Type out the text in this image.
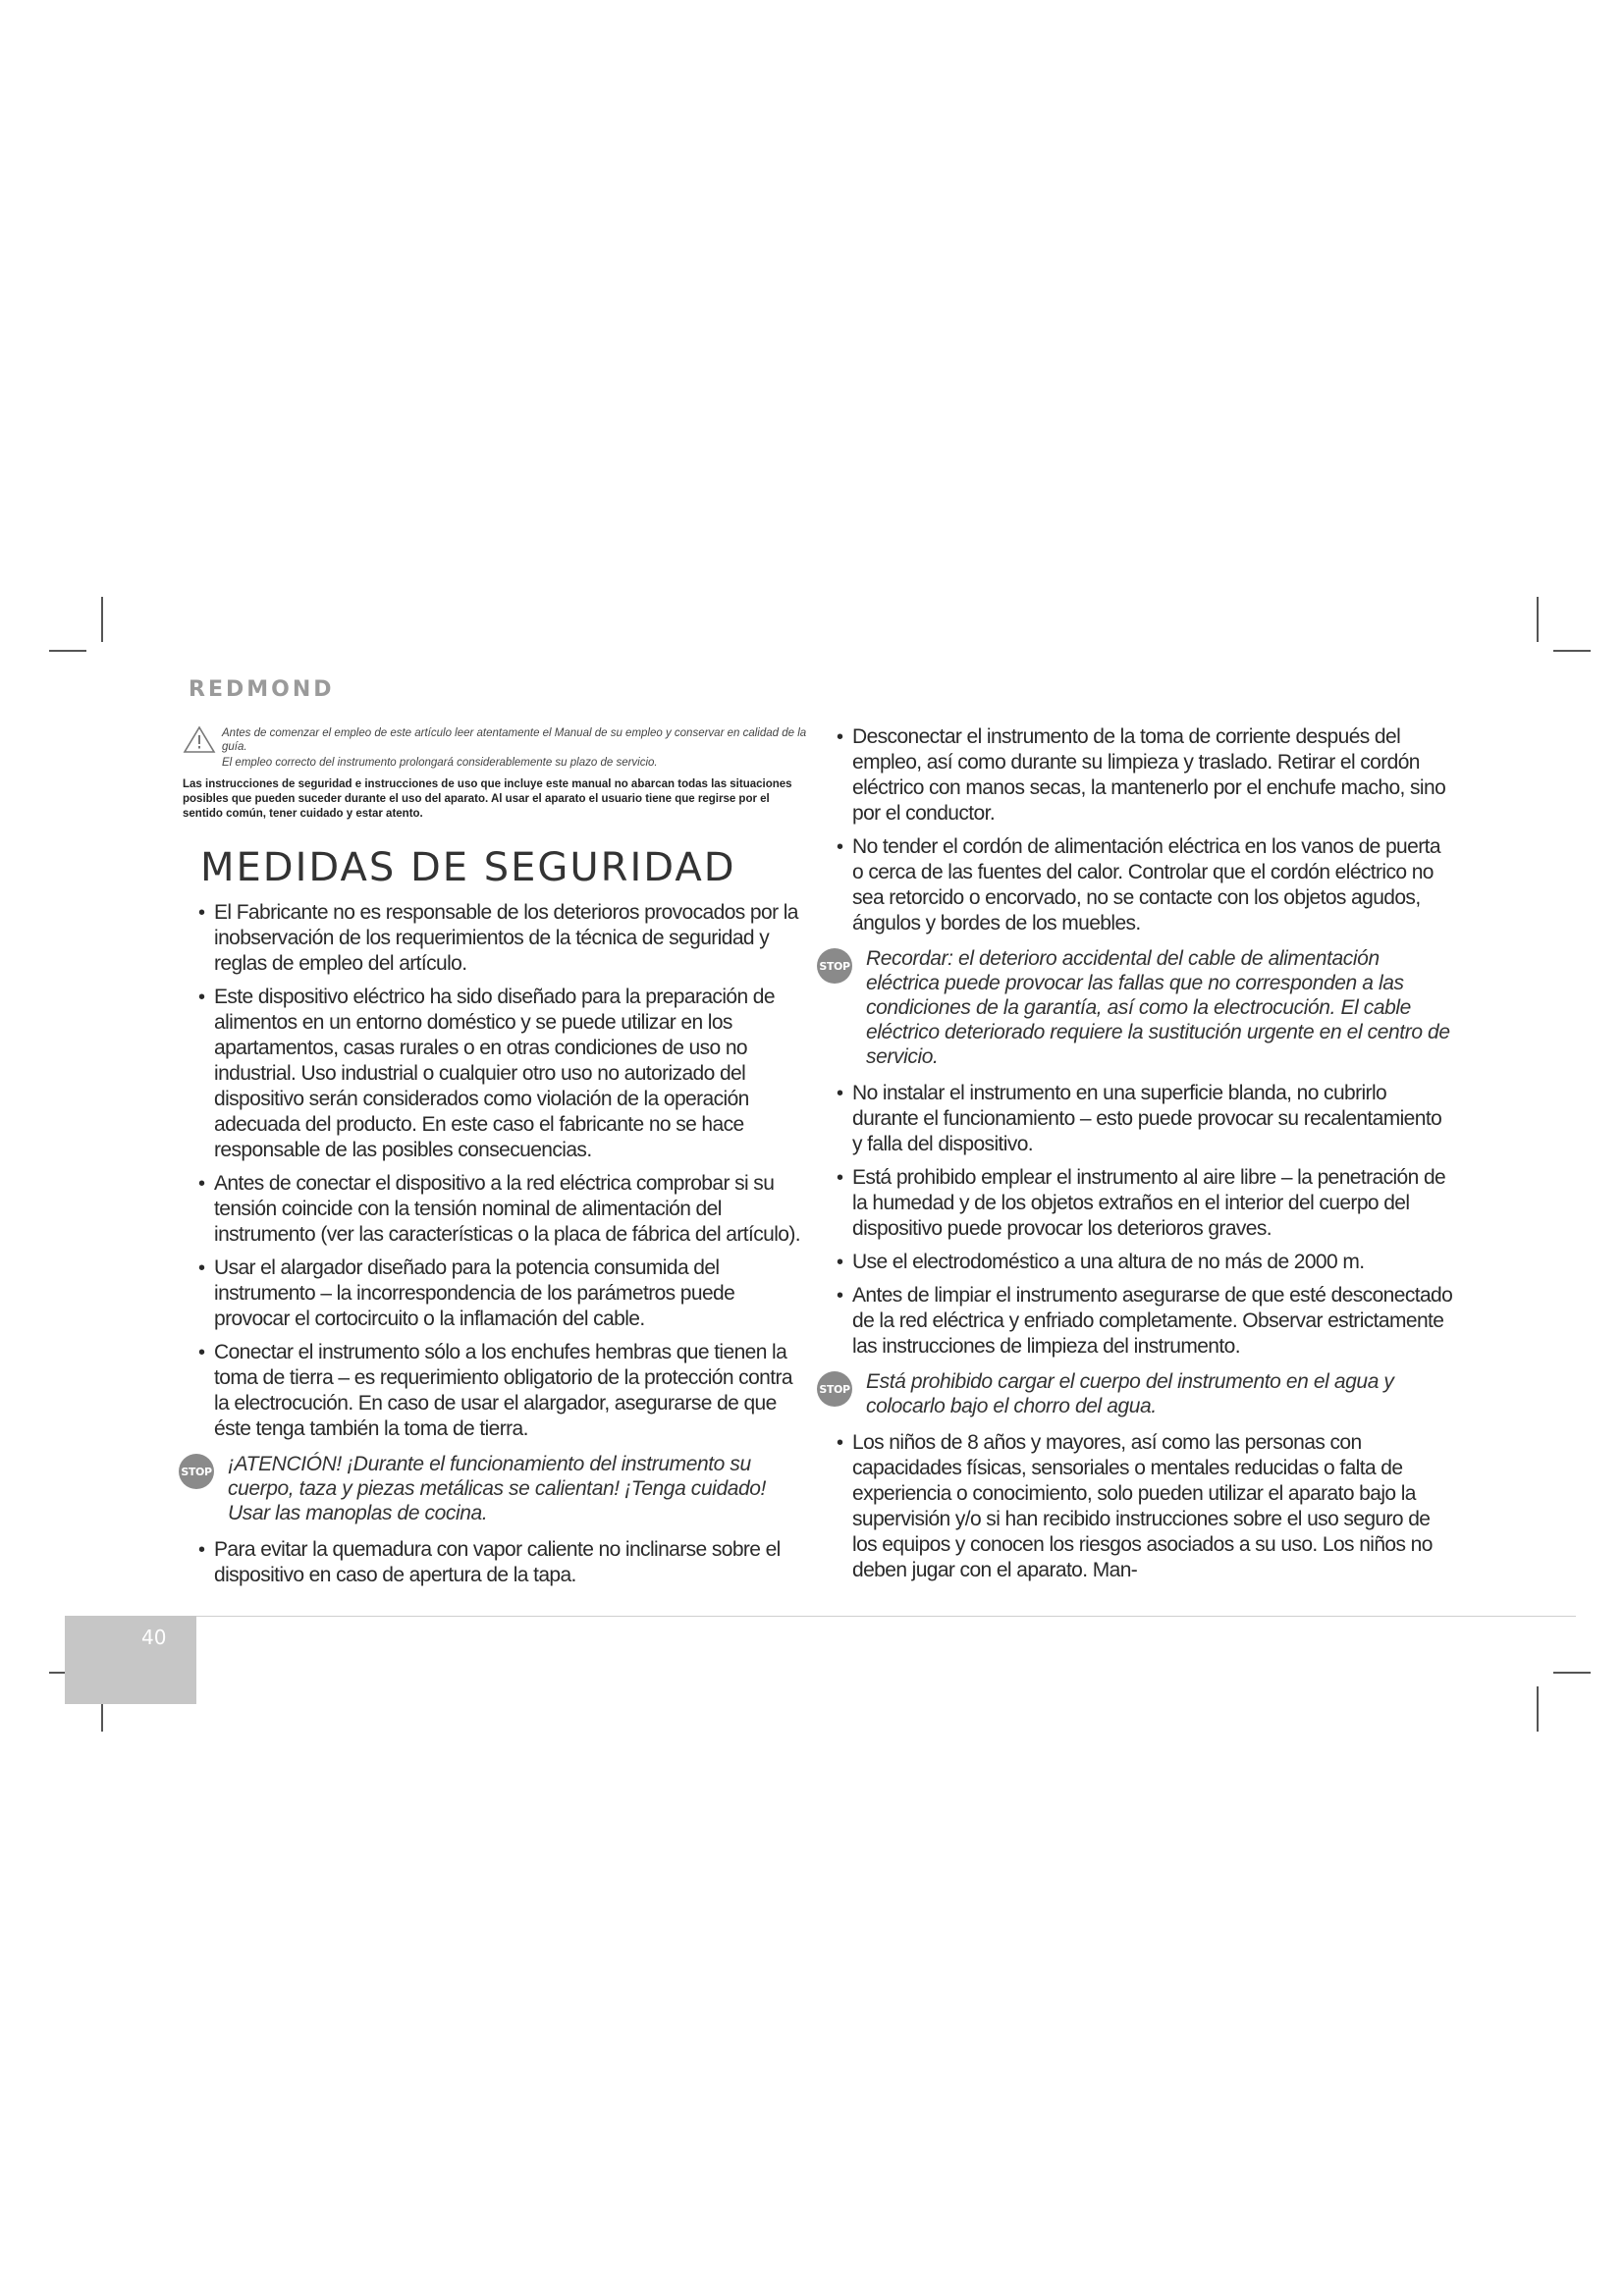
REDMOND
Antes de comenzar el empleo de este artículo leer atentamente el Manual de su empleo y conservar en calidad de la guía.
El empleo correcto del instrumento prolongará considerablemente su plazo de servicio.
Las instrucciones de seguridad e instrucciones de uso que incluye este manual no abarcan todas las situaciones posibles que pueden suceder durante el uso del aparato. Al usar el aparato el usuario tiene que regirse por el sentido común, tener cuidado y estar atento.
MEDIDAS DE SEGURIDAD
• El Fabricante no es responsable de los deterioros provocados por la inobservación de los requerimientos de la técnica de seguridad y reglas de empleo del artículo.
• Este dispositivo eléctrico ha sido diseñado para la preparación de alimentos en un entorno doméstico y se puede utilizar en los apartamentos, casas rurales o en otras condiciones de uso no industrial. Uso industrial o cualquier otro uso no autorizado del dispositivo serán considerados como violación de la operación adecuada del producto. En este caso el fabricante no se hace responsable de las posibles consecuencias.
• Antes de conectar el dispositivo a la red eléctrica comprobar si su tensión coincide con la tensión nominal de alimentación del instrumento (ver las características o la placa de fábrica del artículo).
• Usar el alargador diseñado para la potencia consumida del instrumento – la incorrespondencia de los parámetros puede provocar el cortocircuito o la inflamación del cable.
• Conectar el instrumento sólo a los enchufes hembras que tienen la toma de tierra – es requerimiento obligatorio de la protección contra la electrocución. En caso de usar el alargador, asegurarse de que éste tenga también la toma de tierra.
STOP ¡ATENCIÓN! ¡Durante el funcionamiento del instrumento su cuerpo, taza y piezas metálicas se calientan! ¡Tenga cuidado! Usar las manoplas de cocina.
• Para evitar la quemadura con vapor caliente no inclinarse sobre el dispositivo en caso de apertura de la tapa.
• Desconectar el instrumento de la toma de corriente después del empleo, así como durante su limpieza y traslado. Retirar el cordón eléctrico con manos secas, la mantenerlo por el enchufe macho, sino por el conductor.
• No tender el cordón de alimentación eléctrica en los vanos de puerta o cerca de las fuentes del calor. Controlar que el cordón eléctrico no sea retorcido o encorvado, no se contacte con los objetos agudos, ángulos y bordes de los muebles.
STOP Recordar: el deterioro accidental del cable de alimentación eléctrica puede provocar las fallas que no corresponden a las condiciones de la garantía, así como la electrocución. El cable eléctrico deteriorado requiere la sustitución urgente en el centro de servicio.
• No instalar el instrumento en una superficie blanda, no cubrirlo durante el funcionamiento – esto puede provocar su recalentamiento y falla del dispositivo.
• Está prohibido emplear el instrumento al aire libre – la penetración de la humedad y de los objetos extraños en el interior del cuerpo del dispositivo puede provocar los deterioros graves.
• Use el electrodoméstico a una altura de no más de 2000 m.
• Antes de limpiar el instrumento asegurarse de que esté desconectado de la red eléctrica y enfriado completamente. Observar estrictamente las instrucciones de limpieza del instrumento.
STOP Está prohibido cargar el cuerpo del instrumento en el agua y colocarlo bajo el chorro del agua.
• Los niños de 8 años y mayores, así como las personas con capacidades físicas, sensoriales o mentales reducidas o falta de experiencia o conocimiento, solo pueden utilizar el aparato bajo la supervisión y/o si han recibido instrucciones sobre el uso seguro de los equipos y conocen los riesgos asociados a su uso. Los niños no deben jugar con el aparato. Man-
40
